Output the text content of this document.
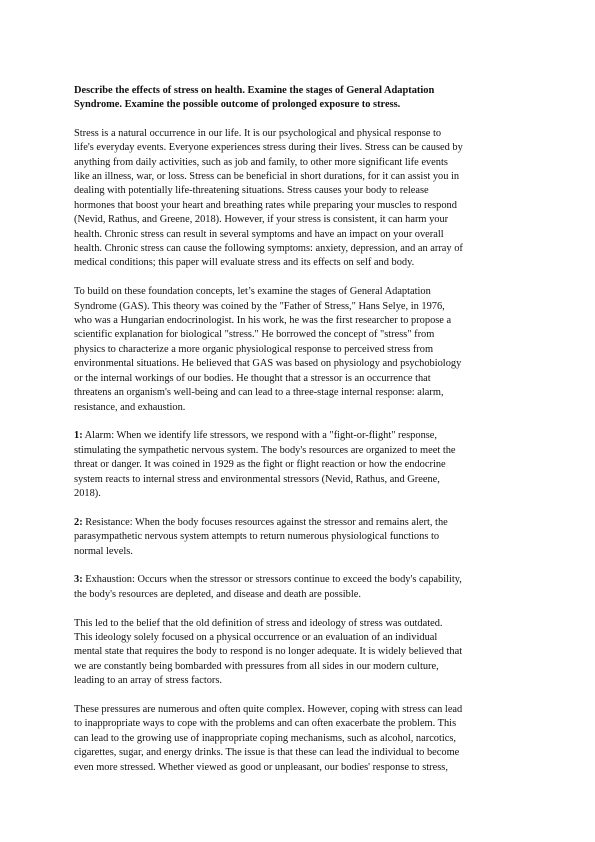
Describe the effects of stress on health. Examine the stages of General Adaptation
Syndrome. Examine the possible outcome of prolonged exposure to stress.

Stress is a natural occurrence in our life. It is our psychological and physical response to
life's everyday events. Everyone experiences stress during their lives. Stress can be caused by
anything from daily activities, such as job and family, to other more significant life events
like an illness, war, or loss. Stress can be beneficial in short durations, for it can assist you in
dealing with potentially life-threatening situations. Stress causes your body to release
hormones that boost your heart and breathing rates while preparing your muscles to respond
(Nevid, Rathus, and Greene, 2018). However, if your stress is consistent, it can harm your
health. Chronic stress can result in several symptoms and have an impact on your overall
health. Chronic stress can cause the following symptoms: anxiety, depression, and an array of
medical conditions; this paper will evaluate stress and its effects on self and body.

To build on these foundation concepts, let’s examine the stages of General Adaptation
Syndrome (GAS). This theory was coined by the "Father of Stress," Hans Selye, in 1976,
who was a Hungarian endocrinologist. In his work, he was the first researcher to propose a
scientific explanation for biological "stress." He borrowed the concept of "stress" from
physics to characterize a more organic physiological response to perceived stress from
environmental situations. He believed that GAS was based on physiology and psychobiology
or the internal workings of our bodies. He thought that a stressor is an occurrence that
threatens an organism's well-being and can lead to a three-stage internal response: alarm,
resistance, and exhaustion.

1: Alarm: When we identify life stressors, we respond with a "fight-or-flight" response,
stimulating the sympathetic nervous system. The body's resources are organized to meet the
threat or danger. It was coined in 1929 as the fight or flight reaction or how the endocrine
system reacts to internal stress and environmental stressors (Nevid, Rathus, and Greene,
2018).

2: Resistance: When the body focuses resources against the stressor and remains alert, the
parasympathetic nervous system attempts to return numerous physiological functions to
normal levels.

3: Exhaustion: Occurs when the stressor or stressors continue to exceed the body's capability,
the body's resources are depleted, and disease and death are possible.

This led to the belief that the old definition of stress and ideology of stress was outdated.
This ideology solely focused on a physical occurrence or an evaluation of an individual
mental state that requires the body to respond is no longer adequate. It is widely believed that
we are constantly being bombarded with pressures from all sides in our modern culture,
leading to an array of stress factors.

These pressures are numerous and often quite complex. However, coping with stress can lead
to inappropriate ways to cope with the problems and can often exacerbate the problem. This
can lead to the growing use of inappropriate coping mechanisms, such as alcohol, narcotics,
cigarettes, sugar, and energy drinks. The issue is that these can lead the individual to become
even more stressed. Whether viewed as good or unpleasant, our bodies' response to stress,
